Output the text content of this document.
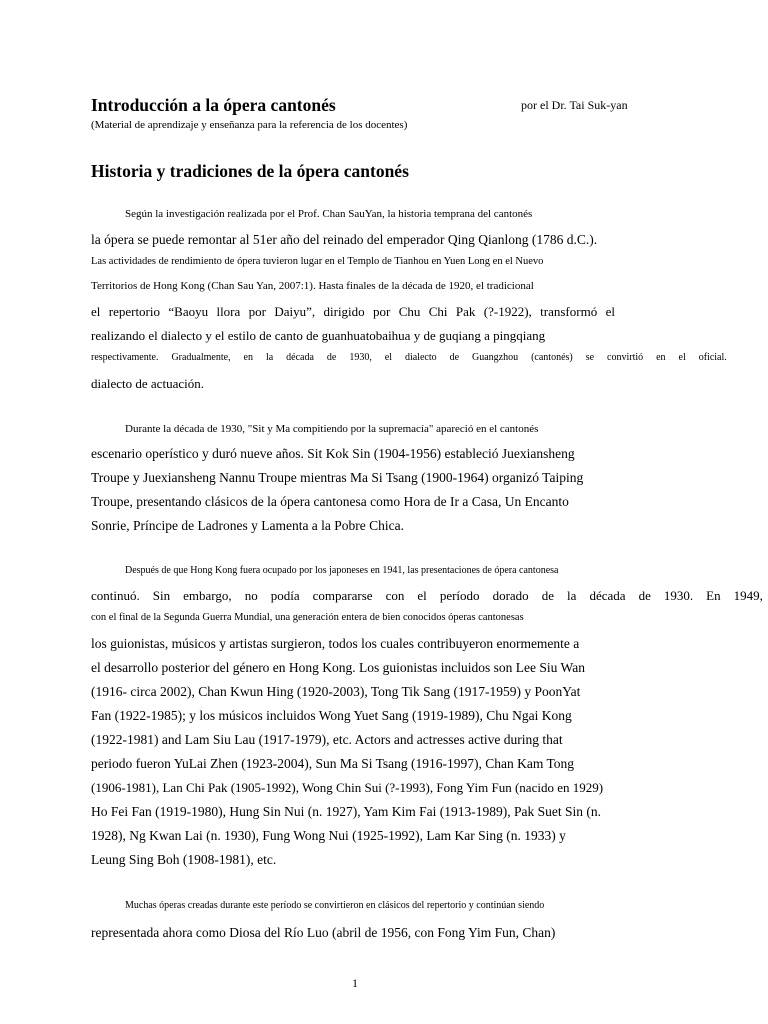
Introducción a la ópera cantonés	por el Dr. Tai Suk-yan
(Material de aprendizaje y enseñanza para la referencia de los docentes)
Historia y tradiciones de la ópera cantonés
Según la investigación realizada por el Prof. Chan SauYan, la historia temprana del cantonés
la ópera se puede remontar al 51er año del reinado del emperador Qing Qianlong (1786 d.C.).
Las actividades de rendimiento de ópera tuvieron lugar en el Templo de Tianhou en Yuen Long en el Nuevo
Territorios de Hong Kong (Chan Sau Yan, 2007:1). Hasta finales de la década de 1920, el tradicional
el repertorio “Baoyu llora por Daiyu”, dirigido por Chu Chi Pak (?-1922), transformó el
realizando el dialecto y el estilo de canto de guanhuatobaihua y de guqiang a pingqiang
respectivamente. Gradualmente, en la década de 1930, el dialecto de Guangzhou (cantonés) se convirtió en el oficial.
dialecto de actuación.
Durante la década de 1930, "Sit y Ma compitiendo por la supremacía" apareció en el cantonés
escenario operístico y duró nueve años. Sit Kok Sin (1904-1956) estableció Juexiansheng
Troupe y Juexiansheng Nannu Troupe mientras Ma Si Tsang (1900-1964) organizó Taiping
Troupe, presentando clásicos de la ópera cantonesa como Hora de Ir a Casa, Un Encanto
Sonrie, Príncipe de Ladrones y Lamenta a la Pobre Chica.
Después de que Hong Kong fuera ocupado por los japoneses en 1941, las presentaciones de ópera cantonesa
continuó. Sin embargo, no podía compararse con el período dorado de la década de 1930. En 1949,
con el final de la Segunda Guerra Mundial, una generación entera de bien conocidos óperas cantonesas
los guionistas, músicos y artistas surgieron, todos los cuales contribuyeron enormemente a
el desarrollo posterior del género en Hong Kong. Los guionistas incluidos son Lee Siu Wan
(1916- circa 2002), Chan Kwun Hing (1920-2003), Tong Tik Sang (1917-1959) y PoonYat
Fan (1922-1985); y los músicos incluidos Wong Yuet Sang (1919-1989), Chu Ngai Kong
(1922-1981) and Lam Siu Lau (1917-1979), etc. Actors and actresses active during that
periodo fueron YuLai Zhen (1923-2004), Sun Ma Si Tsang (1916-1997), Chan Kam Tong
(1906-1981), Lan Chi Pak (1905-1992), Wong Chin Sui (?-1993), Fong Yim Fun (nacido en 1929)
Ho Fei Fan (1919-1980), Hung Sin Nui (n. 1927), Yam Kim Fai (1913-1989), Pak Suet Sin (n.
1928), Ng Kwan Lai (n. 1930), Fung Wong Nui (1925-1992), Lam Kar Sing (n. 1933) y
Leung Sing Boh (1908-1981), etc.
Muchas óperas creadas durante este período se convirtieron en clásicos del repertorio y continúan siendo
representada ahora como Diosa del Río Luo (abril de 1956, con Fong Yim Fun, Chan)
1
